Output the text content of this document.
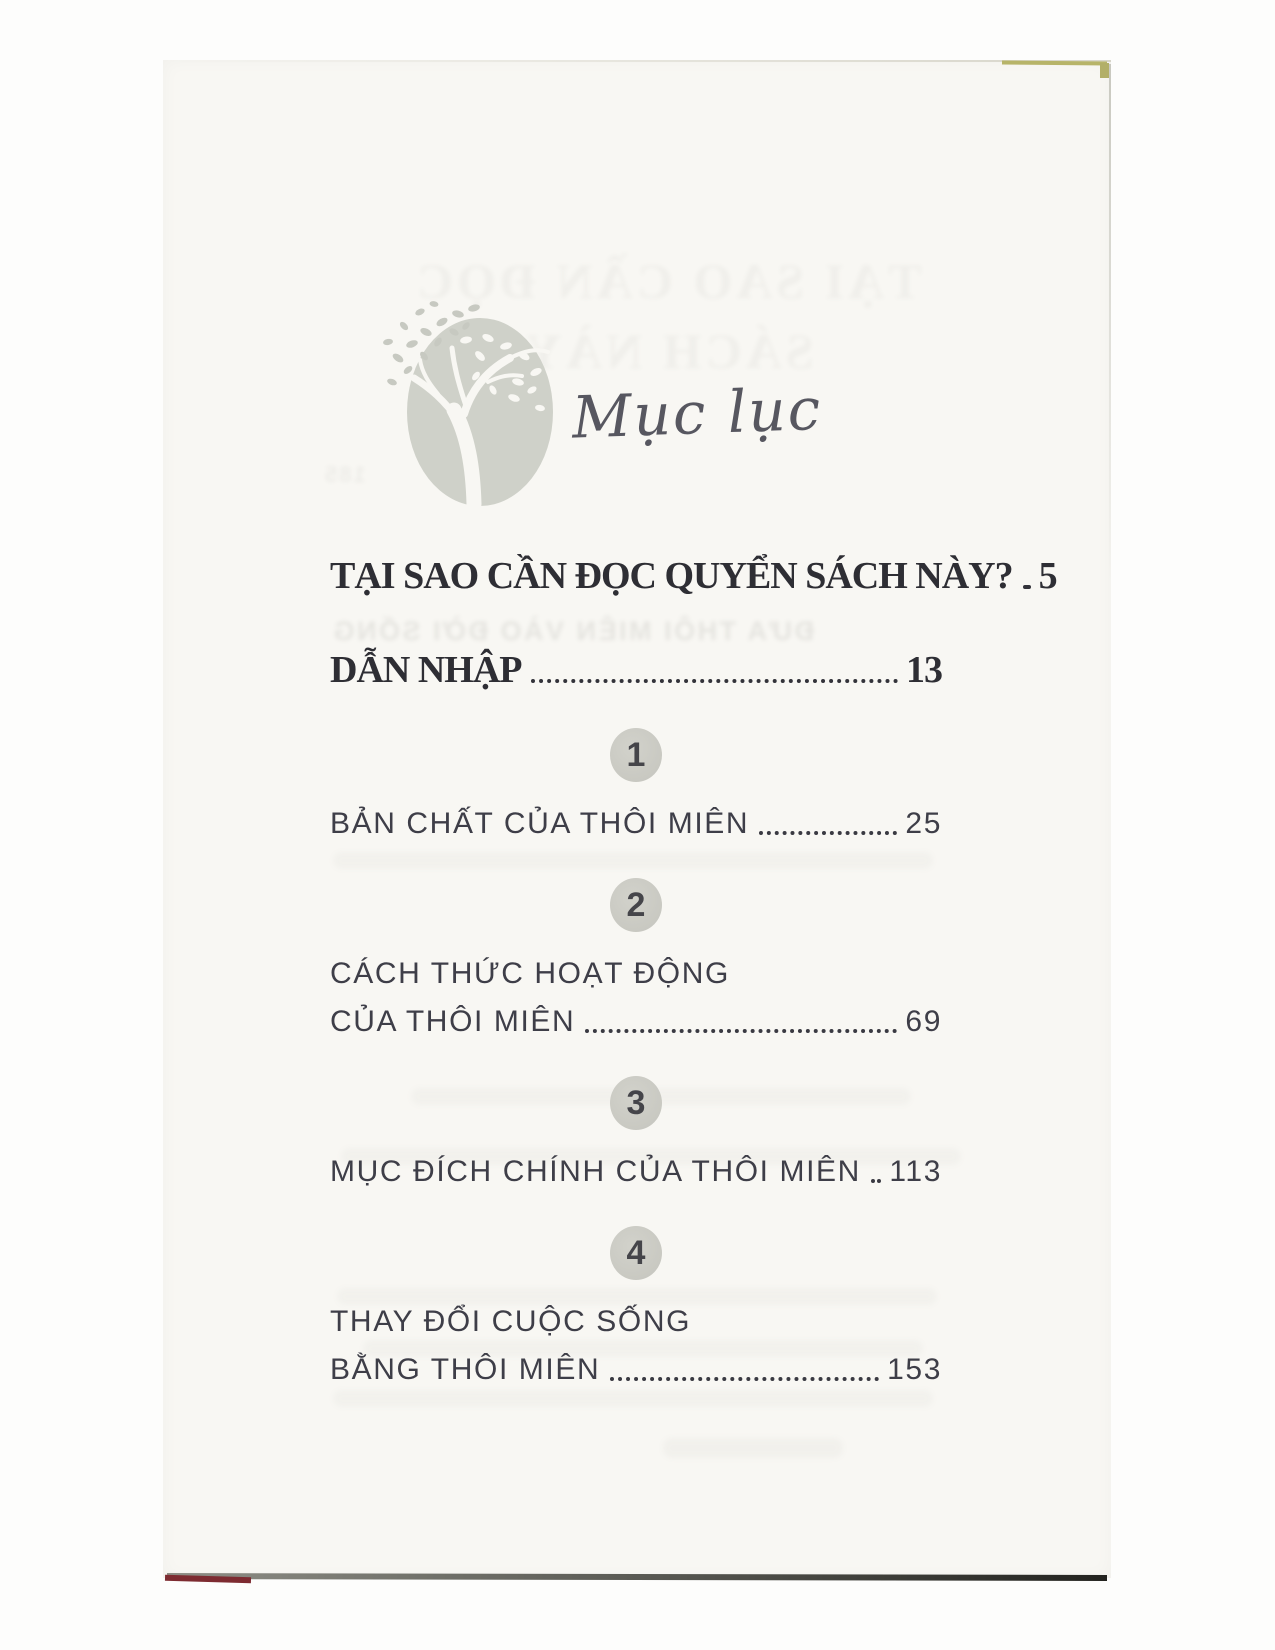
TẠI SAO CẦN ĐỌC
SÁCH NÀY?
185
ĐƯA THÔI MIÊN VÀO ĐỜI SỐNG
Mục lục
TẠI SAO CẦN ĐỌC QUYỂN SÁCH NÀY? 5
DẪN NHẬP	13
1
BẢN CHẤT CỦA THÔI MIÊN	25
2
CÁCH THỨC HOẠT ĐỘNG
CỦA THÔI MIÊN	69
3
MỤC ĐÍCH CHÍNH CỦA THÔI MIÊN 113
4
THAY ĐỔI CUỘC SỐNG
BẰNG THÔI MIÊN	153
